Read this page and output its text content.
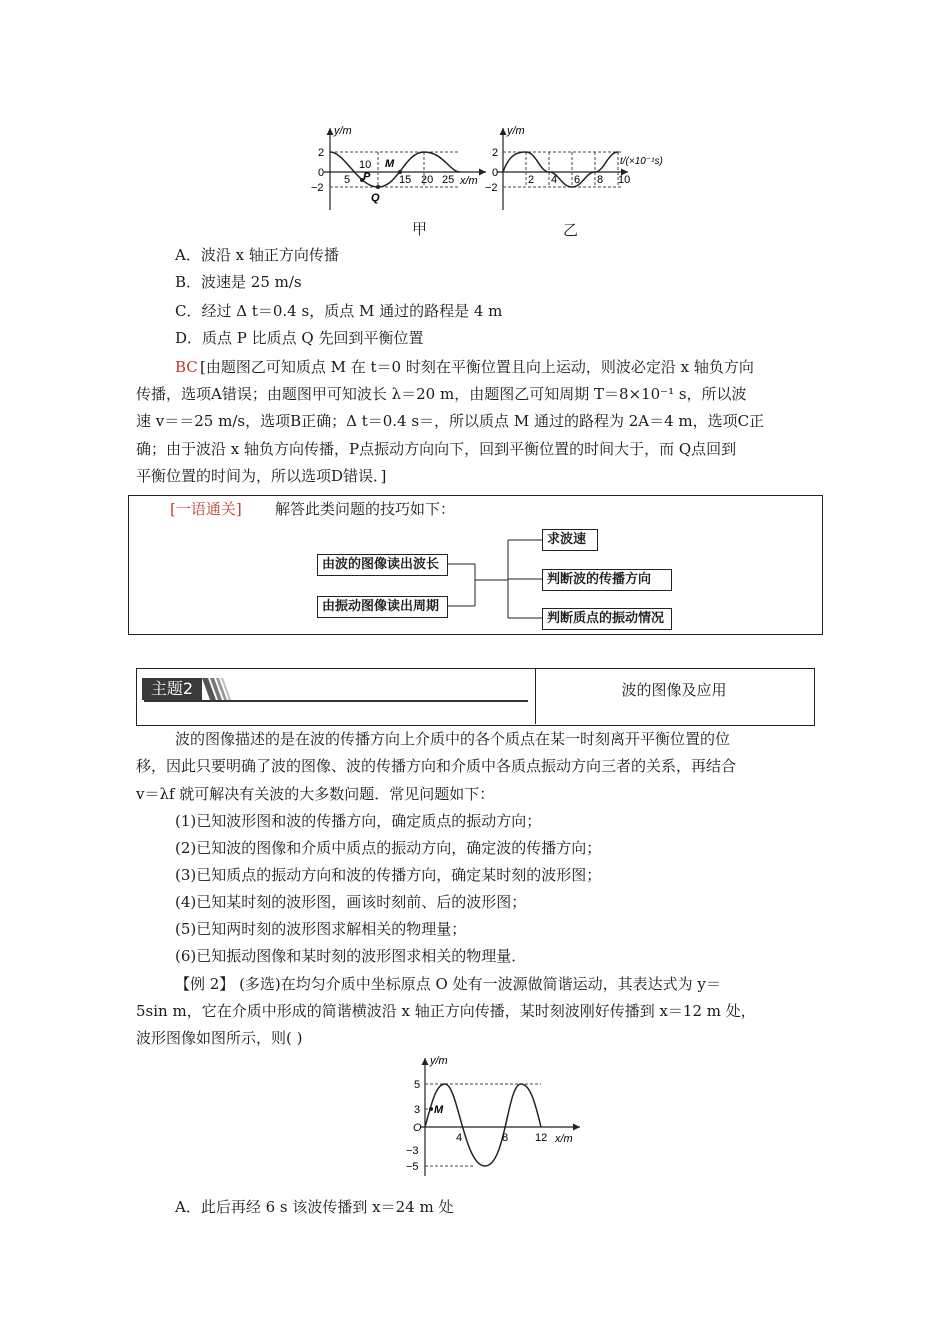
y/m
x/m
2
0
−2
5
10
15 20 25
P
M
Q
y/m
t/(×10⁻¹s)
2
0
−2
2 4 6 8 10
甲	乙
A．波沿 x 轴正方向传播
B．波速是 25 m/s
C．经过 Δ t＝0.4 s，质点 M 通过的路程是 4 m
D．质点 P 比质点 Q 先回到平衡位置
BC [由题图乙可知质点 M 在 t＝0 时刻在平衡位置且向上运动，则波必定沿 x 轴负方向
传播，选项A错误；由题图甲可知波长 λ＝20 m，由题图乙可知周期 T＝8×10⁻¹ s，所以波
速 v＝＝25 m/s，选项B正确；Δ t＝0.4 s＝，所以质点 M 通过的路程为 2A＝4 m，选项C正
确；由于波沿 x 轴负方向传播，P点振动方向向下，回到平衡位置的时间大于，而 Q点回到
平衡位置的时间为，所以选项D错误．]
[一语通关] 解答此类问题的技巧如下：
由波的图像读出波长
由振动图像读出周期
求波速
判断波的传播方向
判断质点的振动情况
主题2	波的图像及应用
波的图像描述的是在波的传播方向上介质中的各个质点在某一时刻离开平衡位置的位
移，因此只要明确了波的图像、波的传播方向和介质中各质点振动方向三者的关系，再结合
v＝λf 就可解决有关波的大多数问题．常见问题如下：
(1)已知波形图和波的传播方向，确定质点的振动方向；
(2)已知波的图像和介质中质点的振动方向，确定波的传播方向；
(3)已知质点的振动方向和波的传播方向，确定某时刻的波形图；
(4)已知某时刻的波形图，画该时刻前、后的波形图；
(5)已知两时刻的波形图求解相关的物理量；
(6)已知振动图像和某时刻的波形图求相关的物理量．
【例 2】 (多选)在均匀介质中坐标原点 O 处有一波源做简谐运动，其表达式为 y＝
5sin m，它在介质中形成的简谐横波沿 x 轴正方向传播，某时刻波刚好传播到 x＝12 m 处，
波形图像如图所示，则( )
y/m
x/m
5
3
O
−3
−5
4	8 12
M
A．此后再经 6 s 该波传播到 x＝24 m 处
